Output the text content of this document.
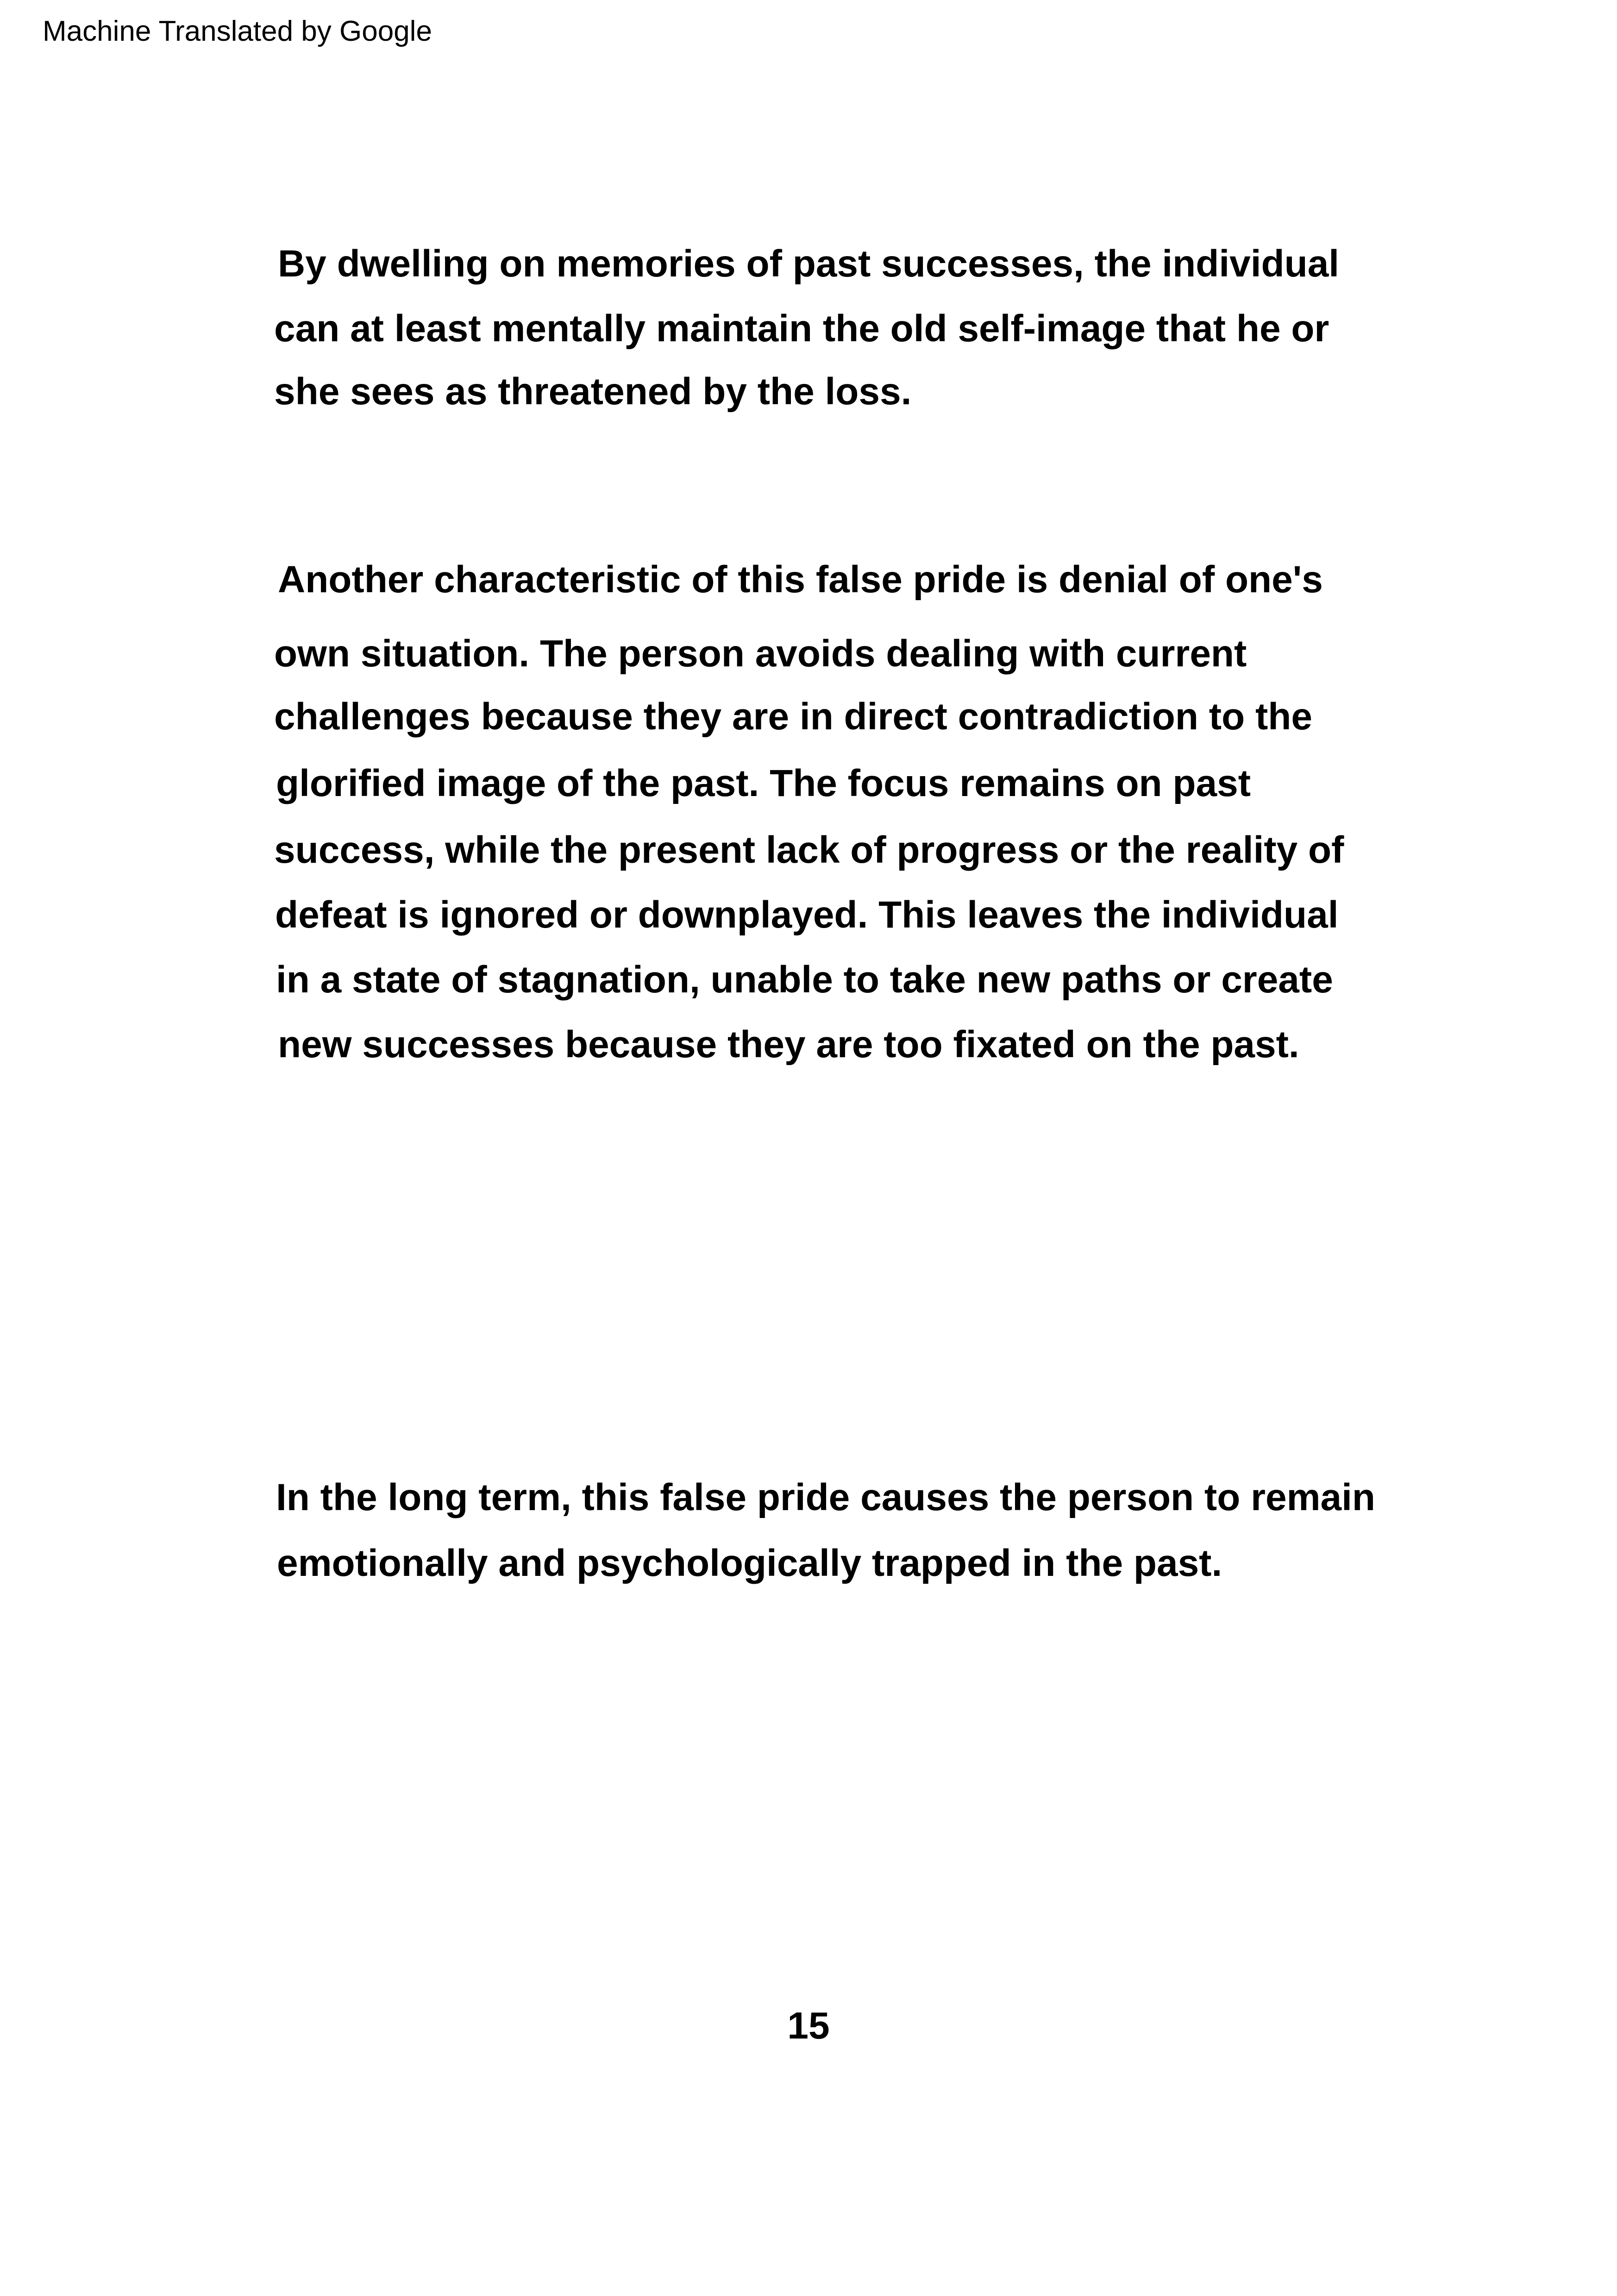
Machine Translated by Google

By dwelling on memories of past successes, the individual

can at least mentally maintain the old self-image that he or

she sees as threatened by the loss.

Another characteristic of this false pride is denial of one's

own situation. The person avoids dealing with current

challenges because they are in direct contradiction to the

glorified image of the past. The focus remains on past

success, while the present lack of progress or the reality of

defeat is ignored or downplayed. This leaves the individual

in a state of stagnation, unable to take new paths or create

new successes because they are too fixated on the past.

In the long term, this false pride causes the person to remain

emotionally and psychologically trapped in the past.

15
